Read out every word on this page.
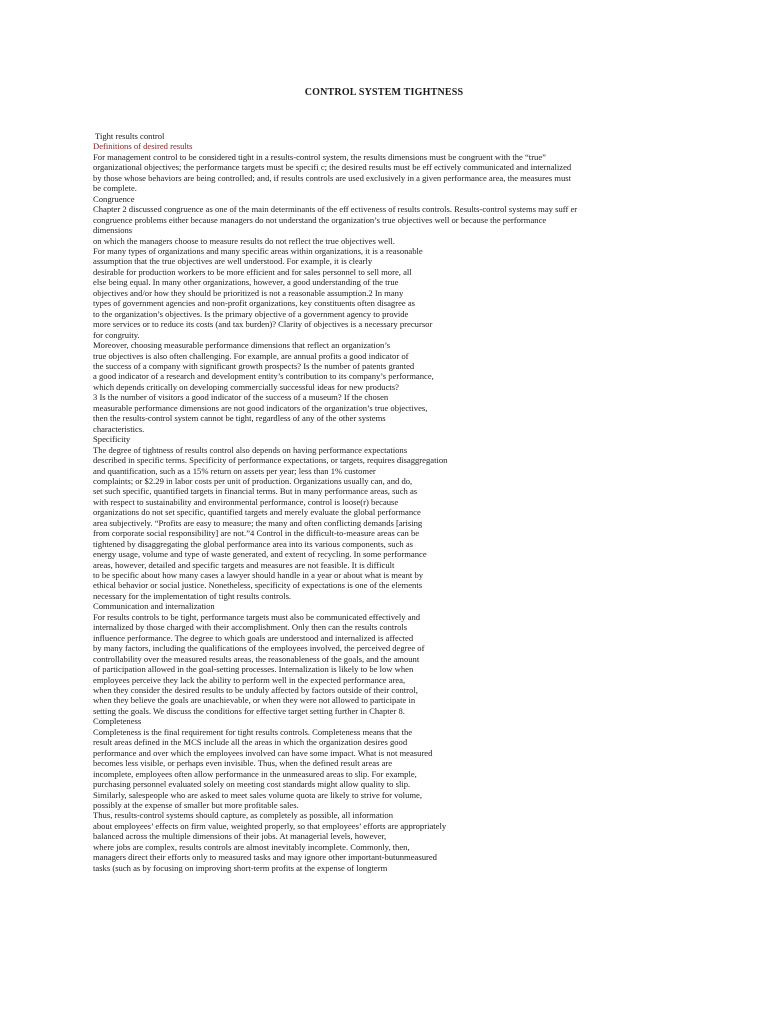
CONTROL SYSTEM TIGHTNESS
Tight results control
Definitions of desired results
For management control to be considered tight in a results-control system, the results dimensions must be congruent with the “true”
organizational objectives; the performance targets must be specifi c; the desired results must be eff ectively communicated and internalized
by those whose behaviors are being controlled; and, if results controls are used exclusively in a given performance area, the measures must
be complete.
Congruence
Chapter 2 discussed congruence as one of the main determinants of the eff ectiveness of results controls. Results-control systems may suff er
congruence problems either because managers do not understand the organization’s true objectives well or because the performance
dimensions
on which the managers choose to measure results do not reflect the true objectives well.
For many types of organizations and many specific areas within organizations, it is a reasonable
assumption that the true objectives are well understood. For example, it is clearly
desirable for production workers to be more efficient and for sales personnel to sell more, all
else being equal. In many other organizations, however, a good understanding of the true
objectives and/or how they should be prioritized is not a reasonable assumption.2 In many
types of government agencies and non-profit organizations, key constituents often disagree as
to the organization’s objectives. Is the primary objective of a government agency to provide
more services or to reduce its costs (and tax burden)? Clarity of objectives is a necessary precursor
for congruity.
Moreover, choosing measurable performance dimensions that reflect an organization’s
true objectives is also often challenging. For example, are annual profits a good indicator of
the success of a company with significant growth prospects? Is the number of patents granted
a good indicator of a research and development entity’s contribution to its company’s performance,
which depends critically on developing commercially successful ideas for new products?
3 Is the number of visitors a good indicator of the success of a museum? If the chosen
measurable performance dimensions are not good indicators of the organization’s true objectives,
then the results-control system cannot be tight, regardless of any of the other systems
characteristics.
Specificity
The degree of tightness of results control also depends on having performance expectations
described in specific terms. Specificity of performance expectations, or targets, requires disaggregation
and quantification, such as a 15% return on assets per year; less than 1% customer
complaints; or $2.29 in labor costs per unit of production. Organizations usually can, and do,
set such specific, quantified targets in financial terms. But in many performance areas, such as
with respect to sustainability and environmental performance, control is loose(r) because
organizations do not set specific, quantified targets and merely evaluate the global performance
area subjectively. “Profits are easy to measure; the many and often conflicting demands [arising
from corporate social responsibility] are not.”4 Control in the difficult-to-measure areas can be
tightened by disaggregating the global performance area into its various components, such as
energy usage, volume and type of waste generated, and extent of recycling. In some performance
areas, however, detailed and specific targets and measures are not feasible. It is difficult
to be specific about how many cases a lawyer should handle in a year or about what is meant by
ethical behavior or social justice. Nonetheless, specificity of expectations is one of the elements
necessary for the implementation of tight results controls.
Communication and internalization
For results controls to be tight, performance targets must also be communicated effectively and
internalized by those charged with their accomplishment. Only then can the results controls
influence performance. The degree to which goals are understood and internalized is affected
by many factors, including the qualifications of the employees involved, the perceived degree of
controllability over the measured results areas, the reasonableness of the goals, and the amount
of participation allowed in the goal-setting processes. Internalization is likely to be low when
employees perceive they lack the ability to perform well in the expected performance area,
when they consider the desired results to be unduly affected by factors outside of their control,
when they believe the goals are unachievable, or when they were not allowed to participate in
setting the goals. We discuss the conditions for effective target setting further in Chapter 8.
Completeness
Completeness is the final requirement for tight results controls. Completeness means that the
result areas defined in the MCS include all the areas in which the organization desires good
performance and over which the employees involved can have some impact. What is not measured
becomes less visible, or perhaps even invisible. Thus, when the defined result areas are
incomplete, employees often allow performance in the unmeasured areas to slip. For example,
purchasing personnel evaluated solely on meeting cost standards might allow quality to slip.
Similarly, salespeople who are asked to meet sales volume quota are likely to strive for volume,
possibly at the expense of smaller but more profitable sales.
Thus, results-control systems should capture, as completely as possible, all information
about employees’ effects on firm value, weighted properly, so that employees’ efforts are appropriately
balanced across the multiple dimensions of their jobs. At managerial levels, however,
where jobs are complex, results controls are almost inevitably incomplete. Commonly, then,
managers direct their efforts only to measured tasks and may ignore other important-butunmeasured
tasks (such as by focusing on improving short-term profits at the expense of longterm
